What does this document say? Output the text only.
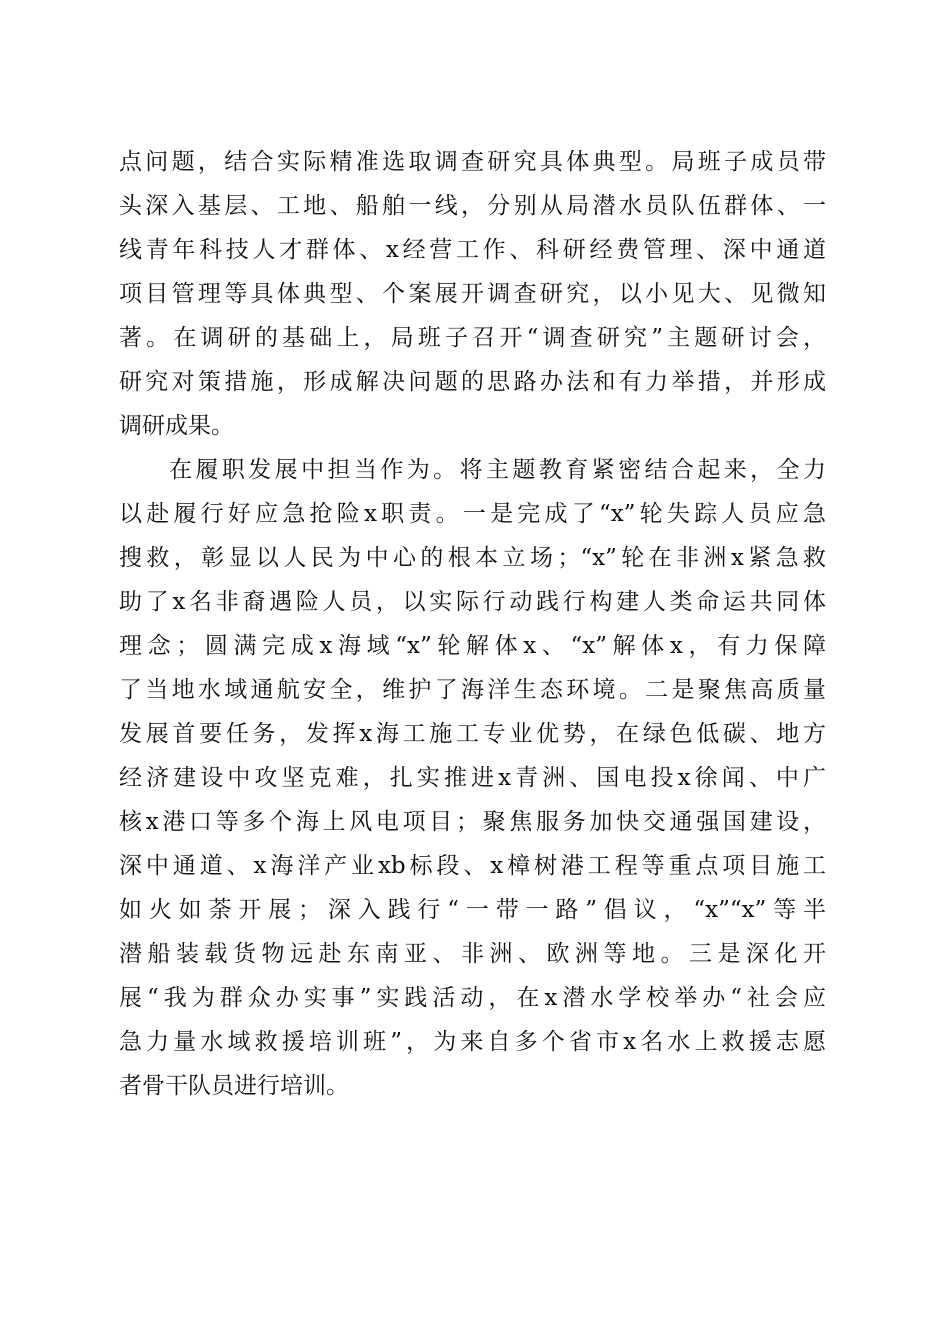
点问题，结合实际精准选取调查研究具体典型。局班子成员带
头深入基层、工地、船舶一线，分别从局潜水员队伍群体、一
线青年科技人才群体、x经营工作、科研经费管理、深中通道
项目管理等具体典型、个案展开调查研究，以小见大、见微知
著。在调研的基础上，局班子召开“调查研究”主题研讨会，
研究对策措施，形成解决问题的思路办法和有力举措，并形成
调研成果。

在履职发展中担当作为。将主题教育紧密结合起来，全力
以赴履行好应急抢险x职责。一是完成了“x”轮失踪人员应急
搜救，彰显以人民为中心的根本立场；“x”轮在非洲x紧急救
助了x名非裔遇险人员，以实际行动践行构建人类命运共同体
理念；圆满完成x海域“x”轮解体x、“x”解体x，有力保障
了当地水域通航安全，维护了海洋生态环境。二是聚焦高质量
发展首要任务，发挥x海工施工专业优势，在绿色低碳、地方
经济建设中攻坚克难，扎实推进x青洲、国电投x徐闻、中广
核x港口等多个海上风电项目；聚焦服务加快交通强国建设，
深中通道、x海洋产业xb标段、x樟树港工程等重点项目施工
如火如荼开展；深入践行“一带一路”倡议，“x”“x”等半
潜船装载货物远赴东南亚、非洲、欧洲等地。三是深化开
展“我为群众办实事”实践活动，在x潜水学校举办“社会应
急力量水域救援培训班”，为来自多个省市x名水上救援志愿
者骨干队员进行培训。
